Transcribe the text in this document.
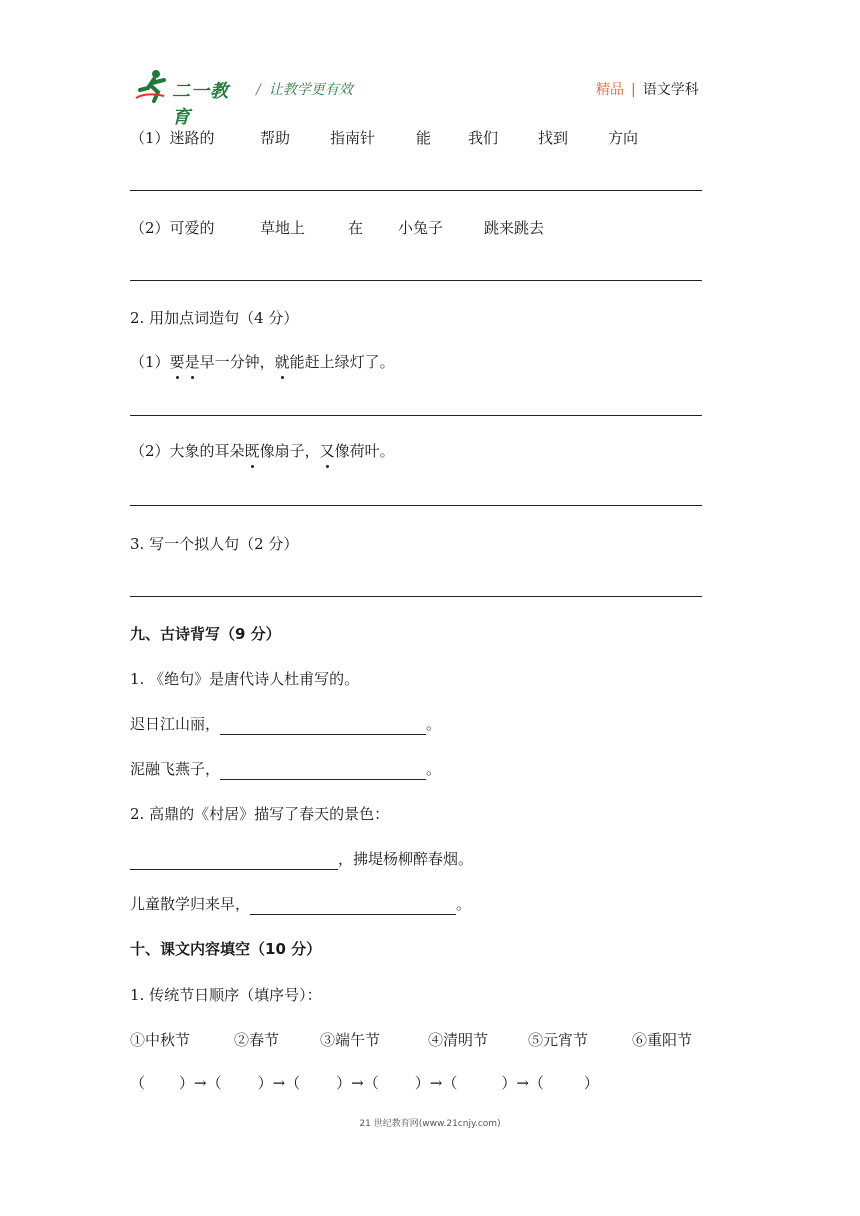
二一教育
/ 让教学更有效	精品 | 语文学科
（1）迷路的	帮助	指南针	能 我们	找到	方向
（2）可爱的	草地上	在 小兔子	跳来跳去
2. 用加点词造句（4 分）
（1）要是早一分钟，就能赶上绿灯了。
（2）大象的耳朵既像扇子，又像荷叶。
3. 写一个拟人句（2 分）
九、古诗背写（9 分）
1. 《绝句》是唐代诗人杜甫写的。
迟日江山丽，	。
泥融飞燕子，	。
2. 高鼎的《村居》描写了春天的景色：
，拂堤杨柳醉春烟。
儿童散学归来早，	。
十、课文内容填空（10 分）
1. 传统节日顺序（填序号）：
①中秋节	②春节	③端午节	④清明节	⑤元宵节	⑥重阳节
（ ）→（ ）→（ ）→（ ）→（	）→（	）
21 世纪教育网(www.21cnjy.com)
